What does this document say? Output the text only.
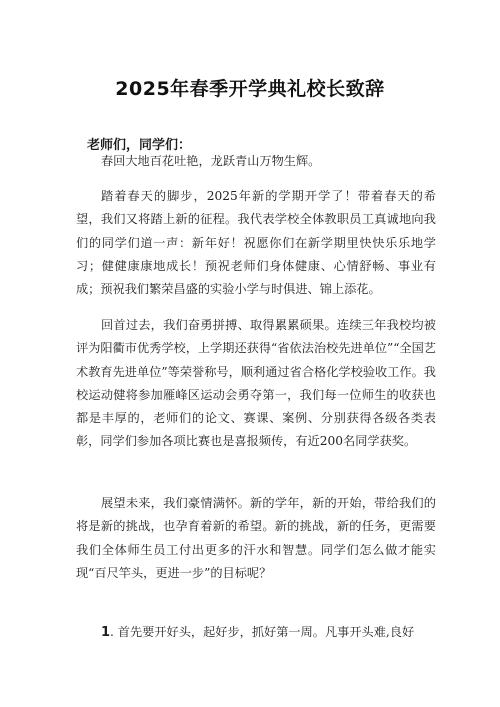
2025年春季开学典礼校长致辞
老师们，同学们：

春回大地百花吐艳，龙跃青山万物生辉。

踏着春天的脚步，2025年新的学期开学了！带着春天的希望，我们又将踏上新的征程。我代表学校全体教职员工真诚地向我们的同学们道一声：新年好！祝愿你们在新学期里快快乐乐地学习；健健康康地成长！预祝老师们身体健康、心情舒畅、事业有成；预祝我们繁荣昌盛的实验小学与时俱进、锦上添花。

回首过去，我们奋勇拼搏、取得累累硕果。连续三年我校均被评为阳衢市优秀学校，上学期还获得“省依法治校先进单位”“全国艺术教育先进单位”等荣誉称号，顺利通过省合格化学校验收工作。我校运动健将参加雁峰区运动会勇夺第一，我们每一位师生的收获也都是丰厚的，老师们的论文、赛课、案例、分别获得各级各类表彰，同学们参加各项比赛也是喜报频传，有近200名同学获奖。

展望未来，我们豪情满怀。新的学年，新的开始，带给我们的将是新的挑战，也孕育着新的希望。新的挑战，新的任务，更需要我们全体师生员工付出更多的汗水和智慧。同学们怎么做才能实现“百尺竿头，更进一步”的目标呢？

1. 首先要开好头，起好步，抓好第一周。凡事开头难,良好
